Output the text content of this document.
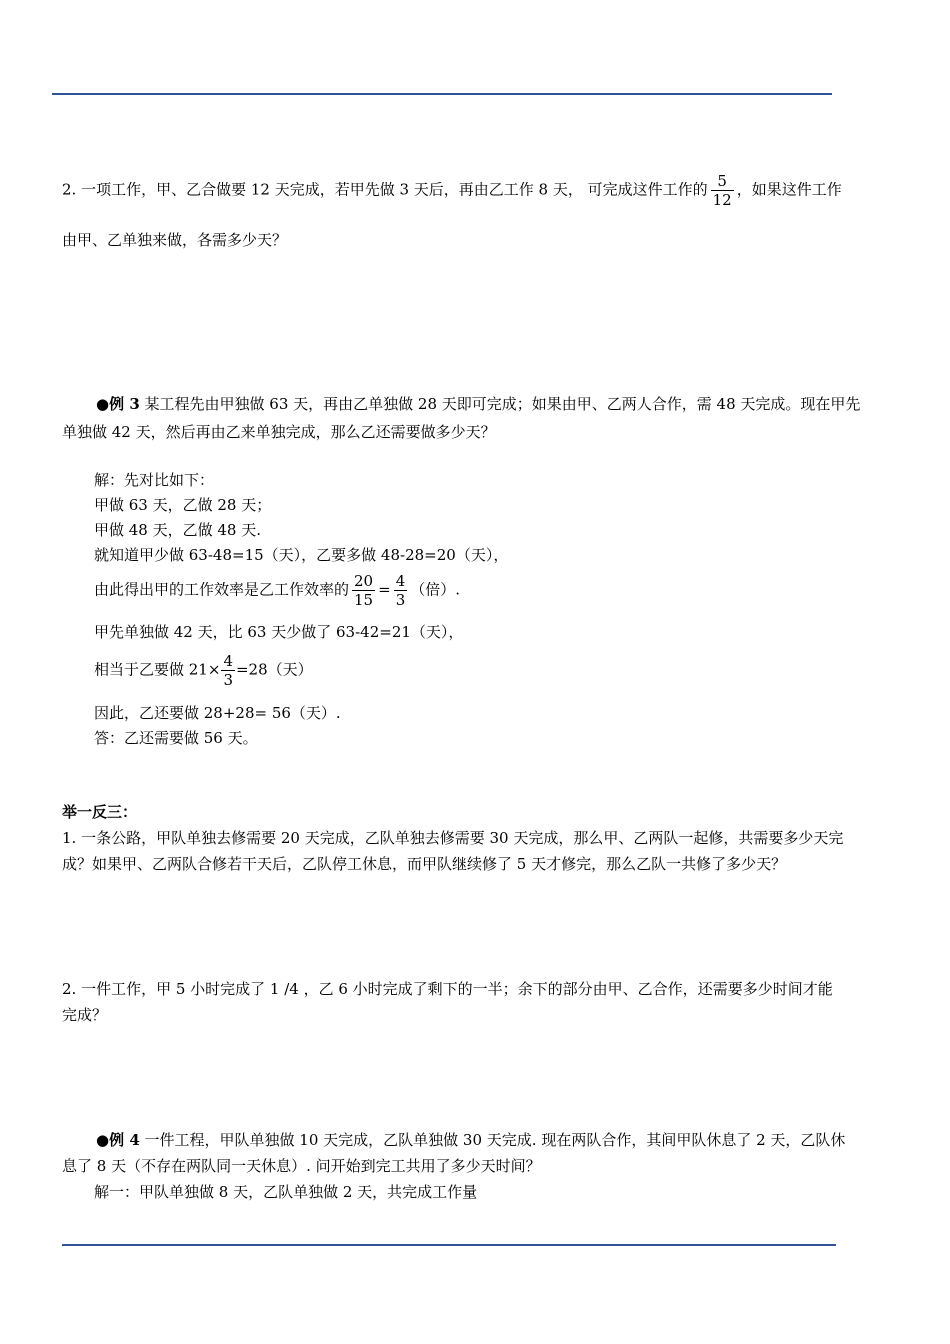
2. 一项工作，甲、乙合做要 12 天完成，若甲先做 3 天后，再由乙工作 8 天， 可完成这件工作的 $\frac{5}{12}$ ，如果这件工作
由甲、乙单独来做，各需多少天？
●例 3 某工程先由甲独做 63 天，再由乙单独做 28 天即可完成；如果由甲、乙两人合作，需 48 天完成。现在甲先
单独做 42 天，然后再由乙来单独完成，那么乙还需要做多少天？
解：先对比如下：
甲做 63 天，乙做 28 天；
甲做 48 天，乙做 48 天.
就知道甲少做 63-48=15（天），乙要多做 48-28=20（天），
由此得出甲的工作效率是乙工作效率的 $\frac{20}{15} = \frac{4}{3}$ （倍）.
甲先单独做 42 天，比 63 天少做了 63-42=21（天），
相当于乙要做 $21\times \frac{4}{3} =28$（天）
因此，乙还要做 28+28= 56（天）.
答：乙还需要做 56 天。
举一反三：
1. 一条公路，甲队单独去修需要 20 天完成，乙队单独去修需要 30 天完成，那么甲、乙两队一起修，共需要多少天完
成？如果甲、乙两队合修若干天后，乙队停工休息，而甲队继续修了 5 天才修完，那么乙队一共修了多少天？
2. 一件工作，甲 5 小时完成了 1 /4 ，乙 6 小时完成了剩下的一半；余下的部分由甲、乙合作，还需要多少时间才能
完成？
●例 4 一件工程，甲队单独做 10 天完成，乙队单独做 30 天完成. 现在两队合作，其间甲队休息了 2 天，乙队休
息了 8 天（不存在两队同一天休息）. 问开始到完工共用了多少天时间？
解一：甲队单独做 8 天，乙队单独做 2 天，共完成工作量
